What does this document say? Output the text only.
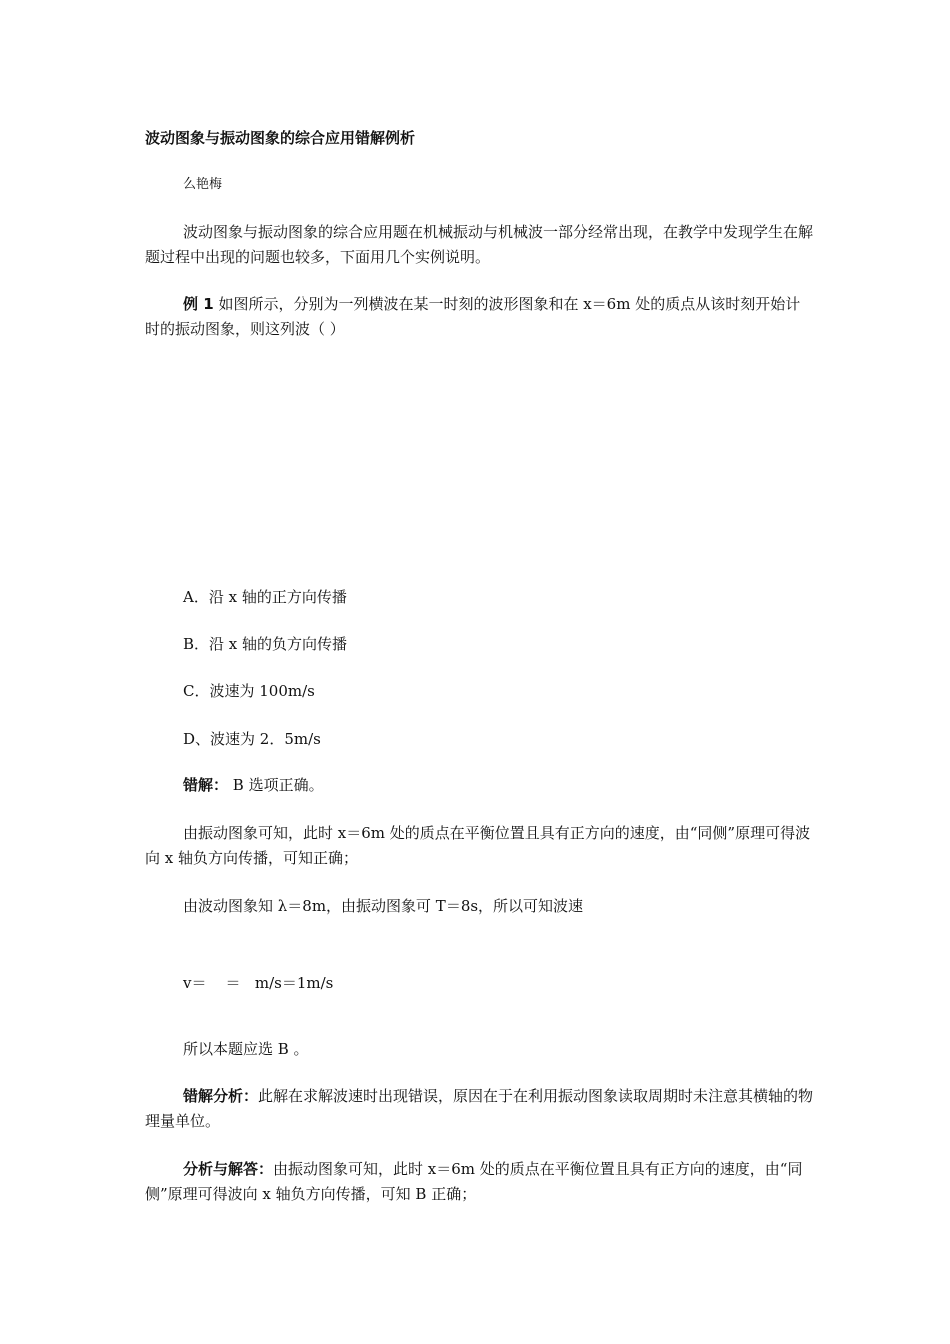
波动图象与振动图象的综合应用错解例析
么艳梅
波动图象与振动图象的综合应用题在机械振动与机械波一部分经常出现，在教学中发现学生在解题过程中出现的问题也较多，下面用几个实例说明。
例 1 如图所示，分别为一列横波在某一时刻的波形图象和在 x＝6m 处的质点从该时刻开始计时的振动图象，则这列波（ ）
A．沿 x 轴的正方向传播
B．沿 x 轴的负方向传播
C．波速为 100m/s
D、波速为 2．5m/s
错解： B 选项正确。
由振动图象可知，此时 x＝6m 处的质点在平衡位置且具有正方向的速度，由“同侧”原理可得波向 x 轴负方向传播，可知正确；
由波动图象知 λ＝8m，由振动图象可 T＝8s，所以可知波速
v＝    ＝   m/s＝1m/s
所以本题应选 B 。
错解分析：此解在求解波速时出现错误，原因在于在利用振动图象读取周期时未注意其横轴的物理量单位。
分析与解答：由振动图象可知，此时 x＝6m 处的质点在平衡位置且具有正方向的速度，由“同侧”原理可得波向 x 轴负方向传播，可知 B 正确；
